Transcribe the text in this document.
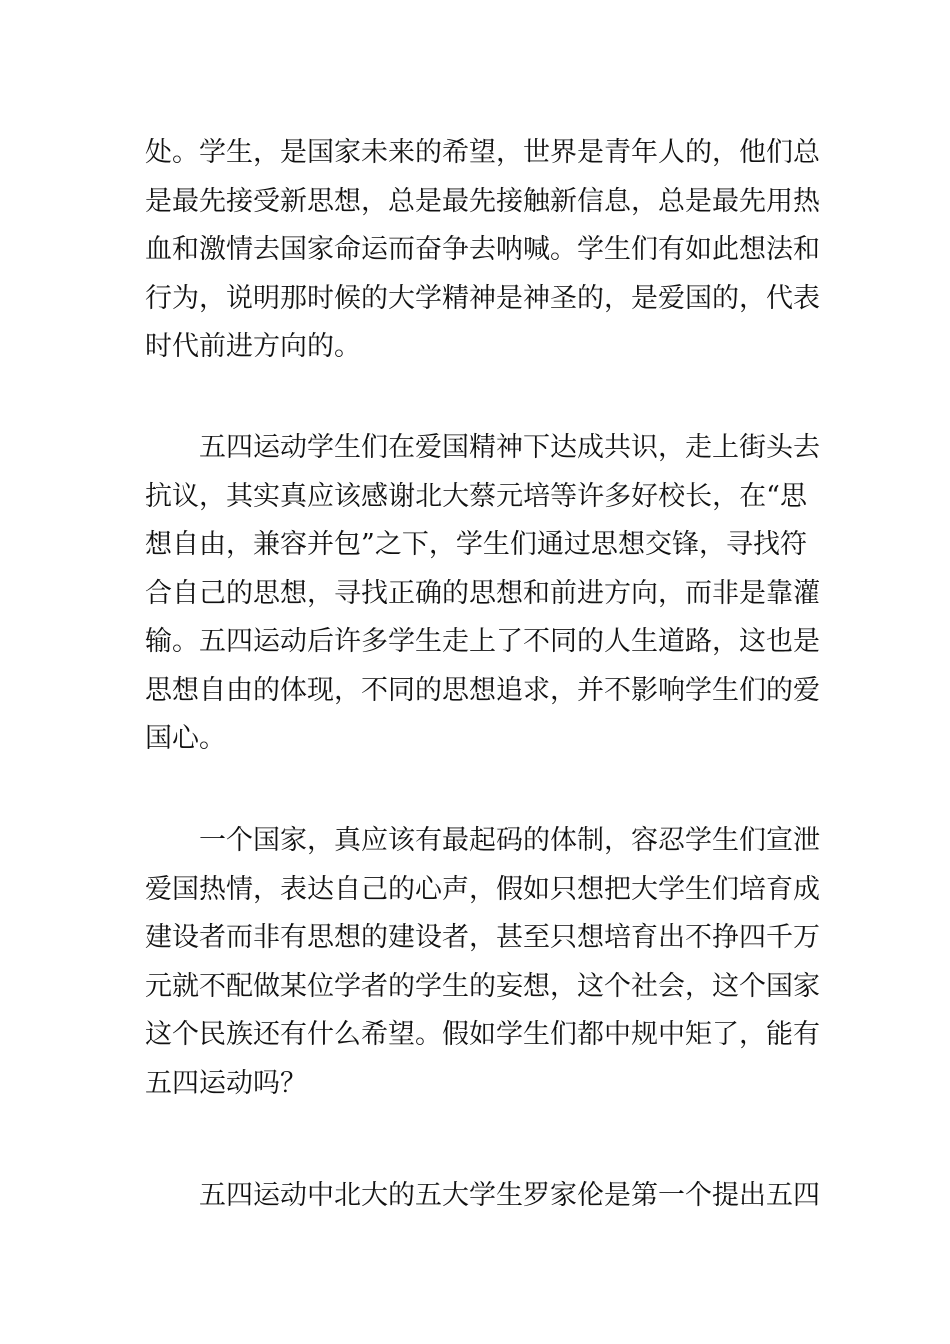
处。学生，是国家未来的希望，世界是青年人的，他们总
是最先接受新思想，总是最先接触新信息，总是最先用热
血和激情去国家命运而奋争去呐喊。学生们有如此想法和
行为，说明那时候的大学精神是神圣的，是爱国的，代表
时代前进方向的。
五四运动学生们在爱国精神下达成共识，走上街头去
抗议，其实真应该感谢北大蔡元培等许多好校长，在“思
想自由，兼容并包”之下，学生们通过思想交锋，寻找符
合自己的思想，寻找正确的思想和前进方向，而非是靠灌
输。五四运动后许多学生走上了不同的人生道路，这也是
思想自由的体现，不同的思想追求，并不影响学生们的爱
国心。
一个国家，真应该有最起码的体制，容忍学生们宣泄
爱国热情，表达自己的心声，假如只想把大学生们培育成
建设者而非有思想的建设者，甚至只想培育出不挣四千万
元就不配做某位学者的学生的妄想，这个社会，这个国家
这个民族还有什么希望。假如学生们都中规中矩了，能有
五四运动吗？
五四运动中北大的五大学生罗家伦是第一个提出五四
